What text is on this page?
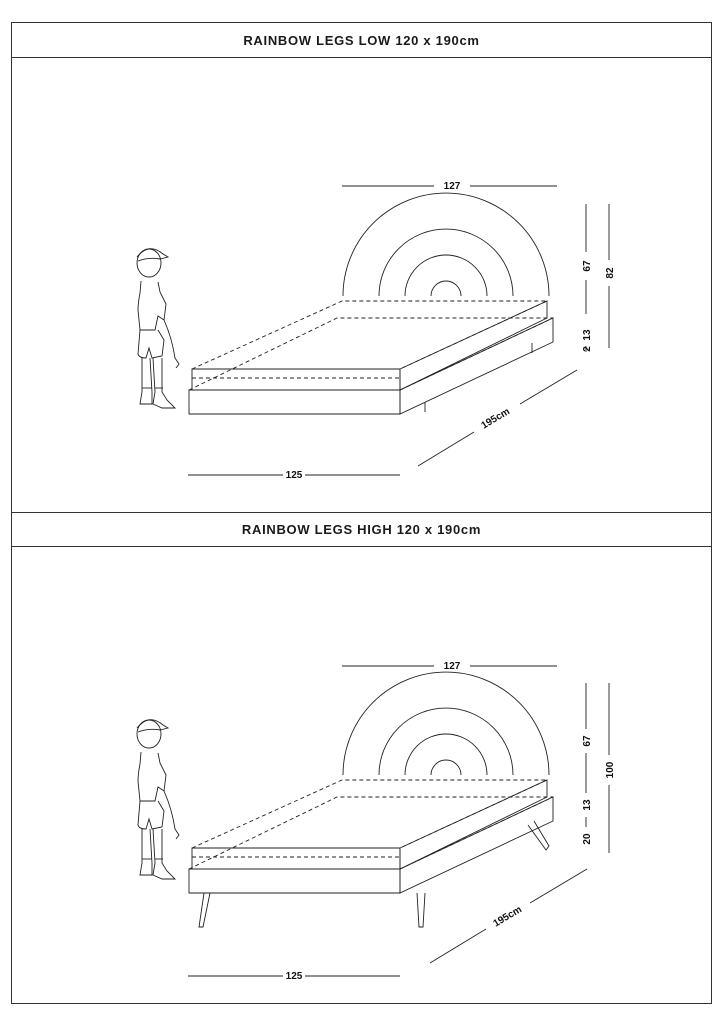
RAINBOW LEGS LOW 120 x 190cm
127
67
82
13
2
195cm
125
RAINBOW LEGS HIGH 120 x 190cm
127
67
100
13
20
195cm
125
